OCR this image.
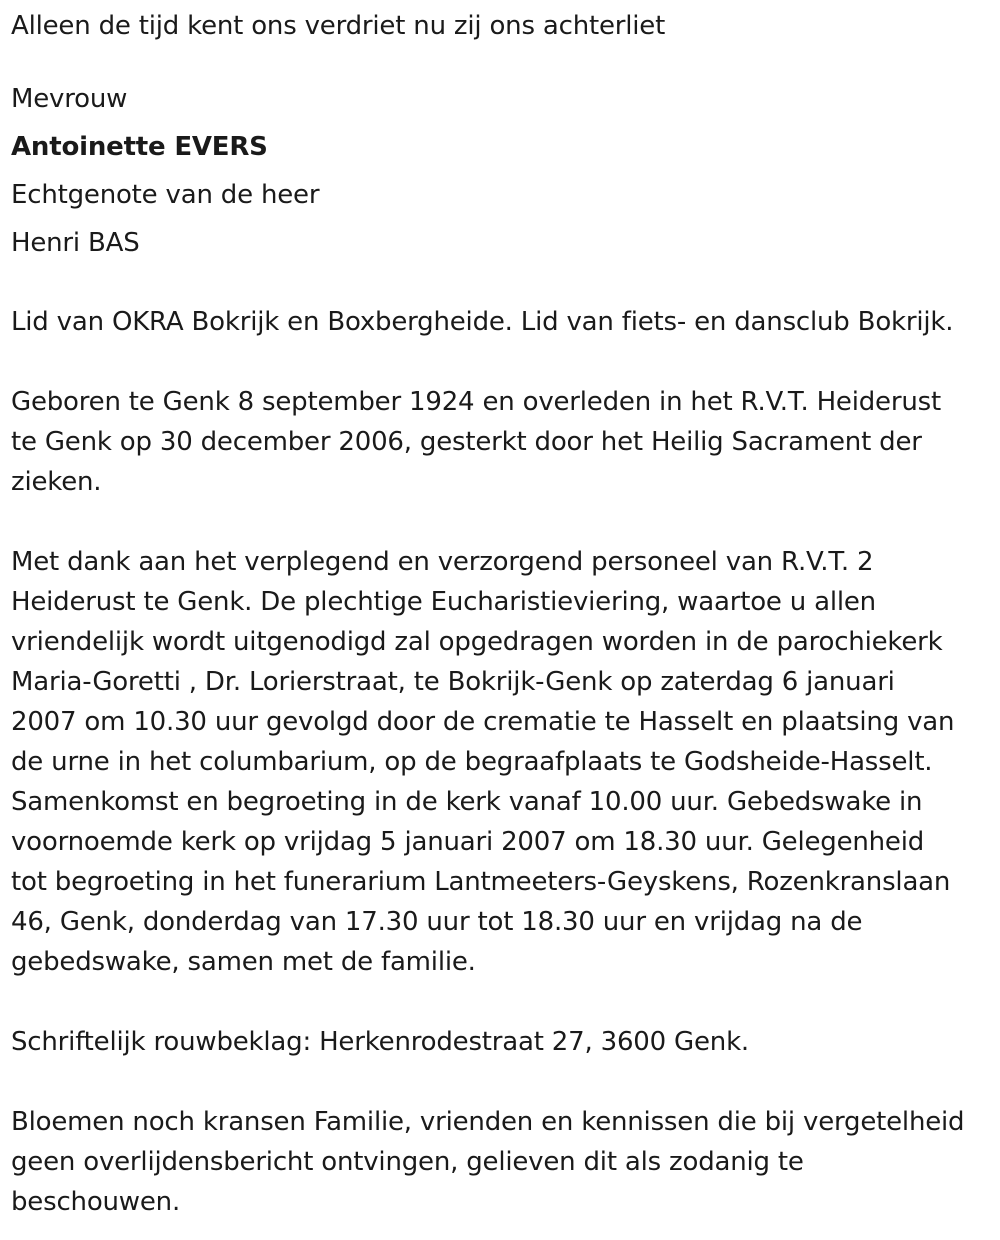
Alleen de tijd kent ons verdriet nu zij ons achterliet

Mevrouw

Antoinette EVERS

Echtgenote van de heer

Henri BAS

Lid van OKRA Bokrijk en Boxbergheide. Lid van fiets- en dansclub Bokrijk.

Geboren te Genk 8 september 1924 en overleden in het R.V.T. Heiderust
te Genk op 30 december 2006, gesterkt door het Heilig Sacrament der
zieken.
Met dank aan het verplegend en verzorgend personeel van R.V.T. 2
Heiderust te Genk. De plechtige Eucharistieviering, waartoe u allen
vriendelijk wordt uitgenodigd zal opgedragen worden in de parochiekerk
Maria-Goretti , Dr. Lorierstraat, te Bokrijk-Genk op zaterdag 6 januari
2007 om 10.30 uur gevolgd door de crematie te Hasselt en plaatsing van
de urne in het columbarium, op de begraafplaats te Godsheide-Hasselt.
Samenkomst en begroeting in de kerk vanaf 10.00 uur. Gebedswake in
voornoemde kerk op vrijdag 5 januari 2007 om 18.30 uur. Gelegenheid
tot begroeting in het funerarium Lantmeeters-Geyskens, Rozenkranslaan
46, Genk, donderdag van 17.30 uur tot 18.30 uur en vrijdag na de
gebedswake, samen met de familie.

Schriftelijk rouwbeklag: Herkenrodestraat 27, 3600 Genk.

Bloemen noch kransen Familie, vrienden en kennissen die bij vergetelheid
geen overlijdensbericht ontvingen, gelieven dit als zodanig te
beschouwen.
